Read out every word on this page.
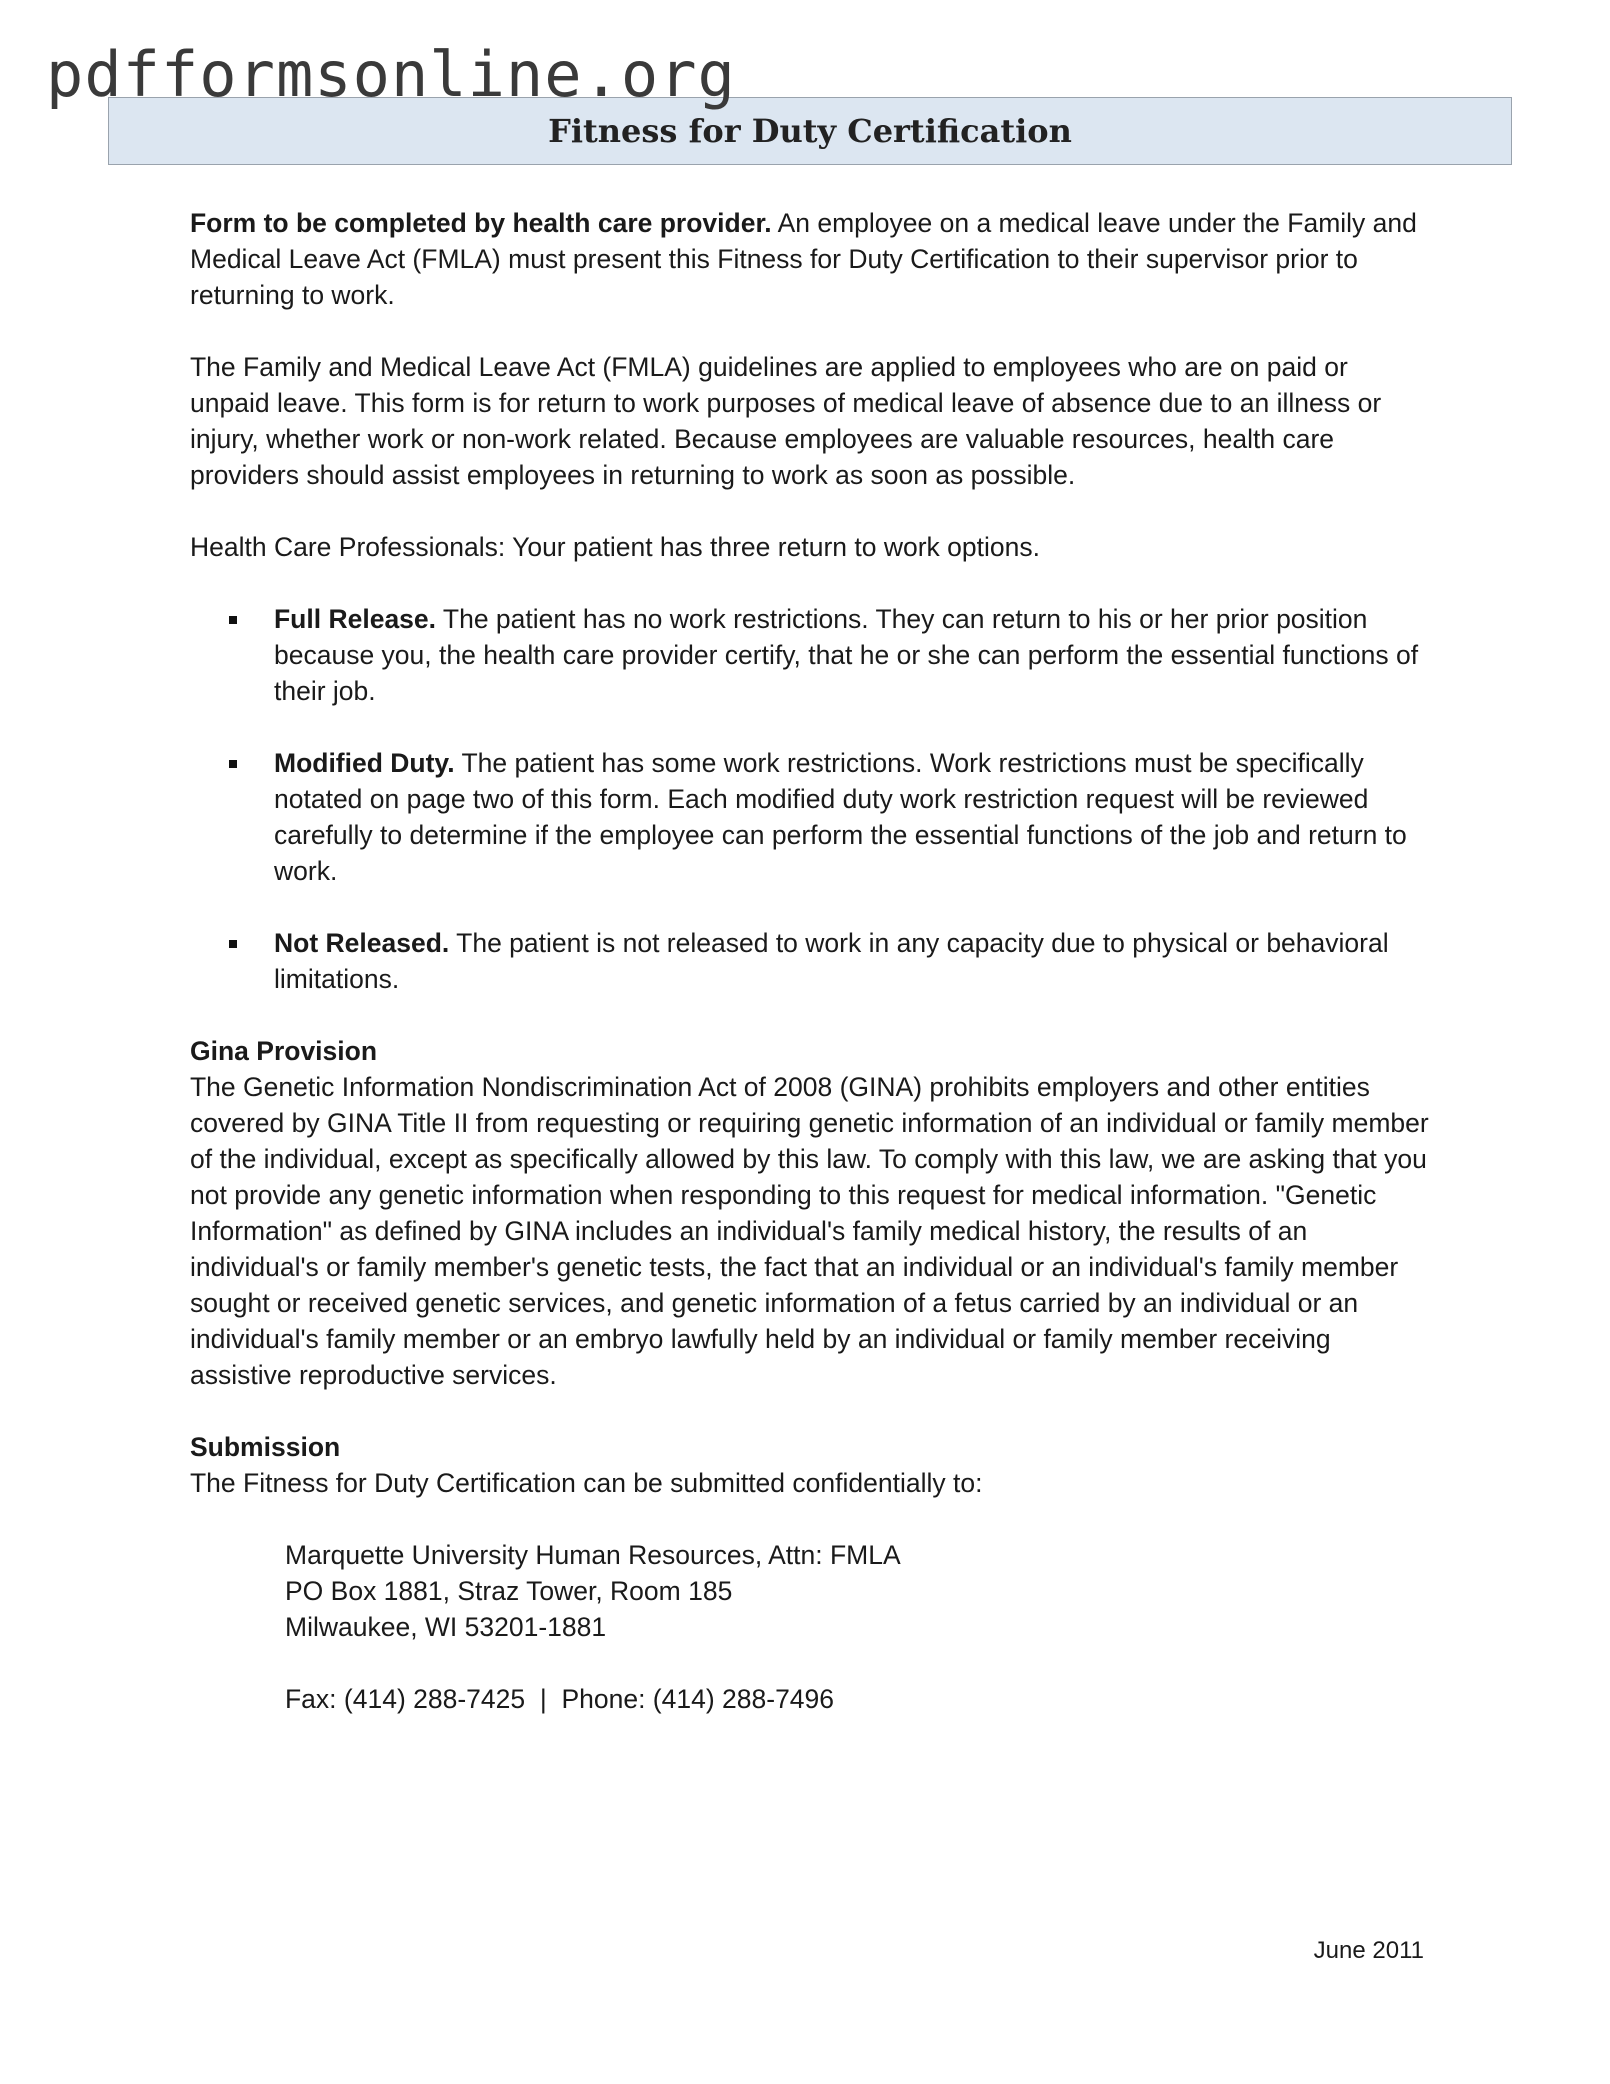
pdfformsonline.org
Fitness for Duty Certification

Form to be completed by health care provider. An employee on a medical leave under the Family and Medical Leave Act (FMLA) must present this Fitness for Duty Certification to their supervisor prior to returning to work.

The Family and Medical Leave Act (FMLA) guidelines are applied to employees who are on paid or unpaid leave. This form is for return to work purposes of medical leave of absence due to an illness or injury, whether work or non-work related. Because employees are valuable resources, health care providers should assist employees in returning to work as soon as possible.

Health Care Professionals: Your patient has three return to work options.

Full Release. The patient has no work restrictions. They can return to his or her prior position because you, the health care provider certify, that he or she can perform the essential functions of their job.
Modified Duty. The patient has some work restrictions. Work restrictions must be specifically notated on page two of this form. Each modified duty work restriction request will be reviewed carefully to determine if the employee can perform the essential functions of the job and return to work.
Not Released. The patient is not released to work in any capacity due to physical or behavioral limitations.
Gina Provision

The Genetic Information Nondiscrimination Act of 2008 (GINA) prohibits employers and other entities covered by GINA Title II from requesting or requiring genetic information of an individual or family member of the individual, except as specifically allowed by this law. To comply with this law, we are asking that you not provide any genetic information when responding to this request for medical information. "Genetic Information" as defined by GINA includes an individual's family medical history, the results of an individual's or family member's genetic tests, the fact that an individual or an individual's family member sought or received genetic services, and genetic information of a fetus carried by an individual or an individual's family member or an embryo lawfully held by an individual or family member receiving assistive reproductive services.

Submission

The Fitness for Duty Certification can be submitted confidentially to:

Marquette University Human Resources, Attn: FMLA
PO Box 1881, Straz Tower, Room 185
Milwaukee, WI 53201-1881
Fax: (414) 288-7425  |  Phone: (414) 288-7496
June 2011
